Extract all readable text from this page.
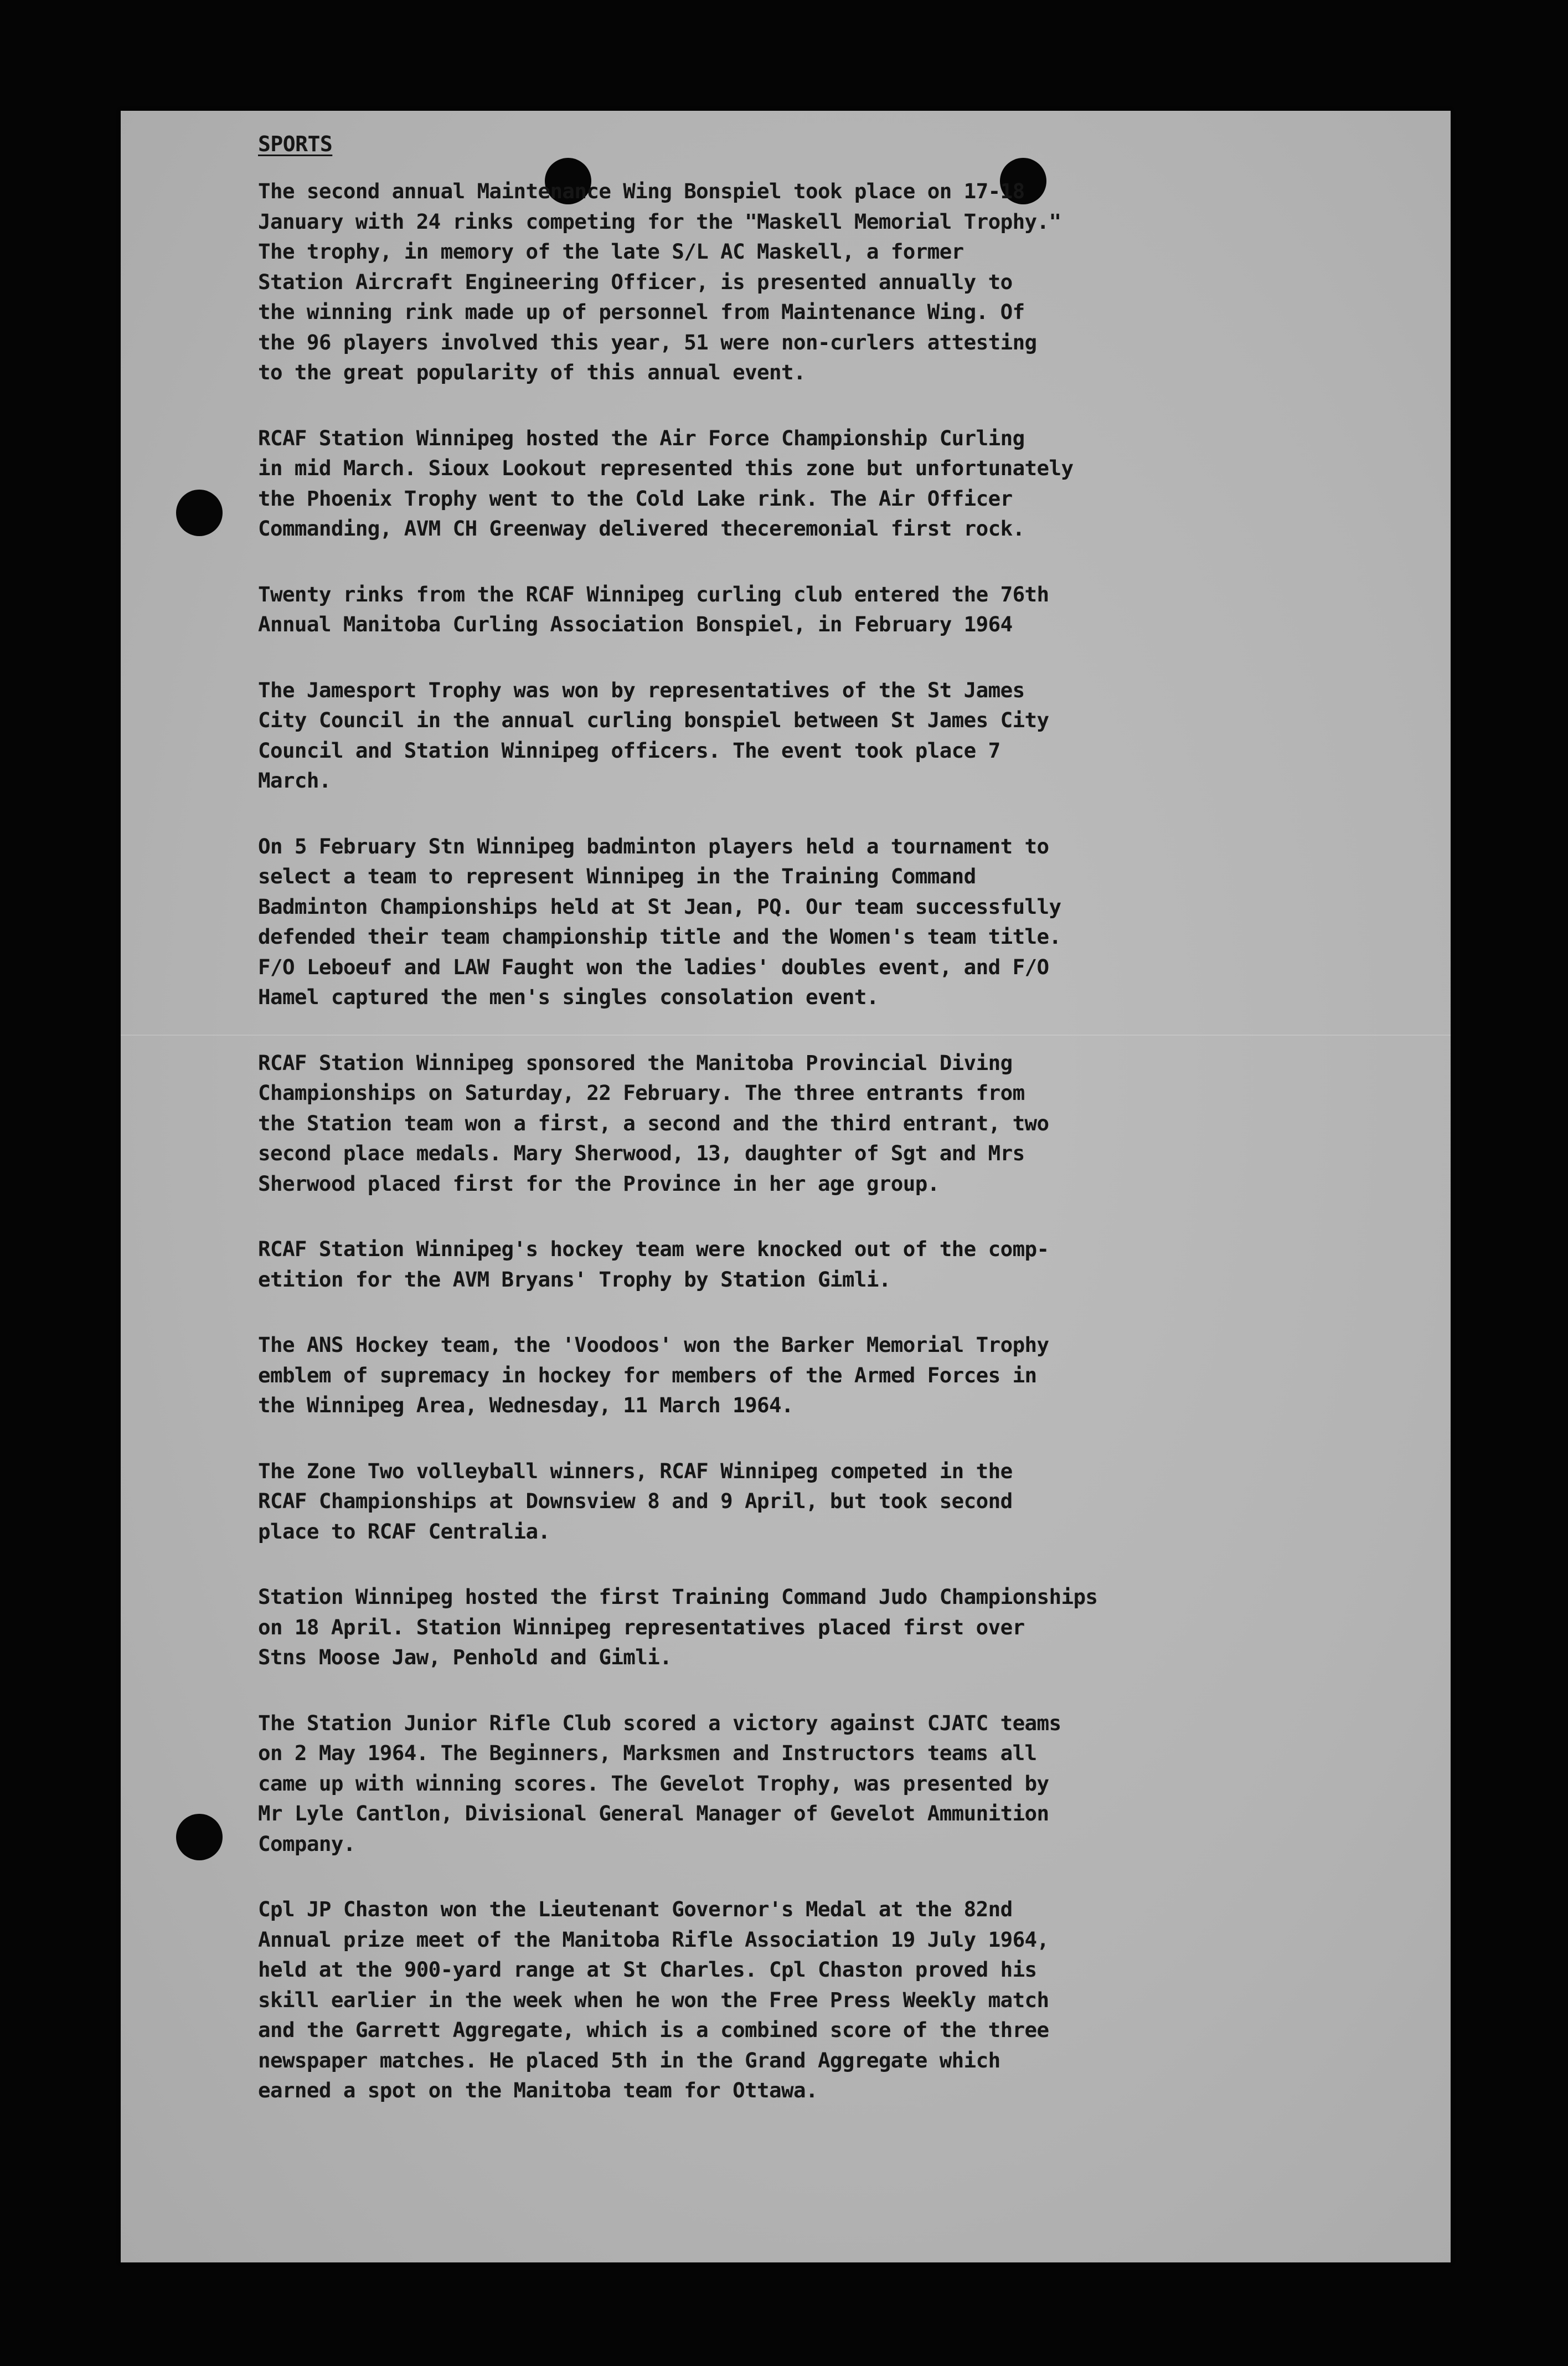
SPORTS
The second annual Maintenance Wing Bonspiel took place on 17-18
January with 24 rinks competing for the "Maskell Memorial Trophy."
The trophy, in memory of the late S/L AC Maskell, a former
Station Aircraft Engineering Officer, is presented annually to
the winning rink made up of personnel from Maintenance Wing. Of
the 96 players involved this year, 51 were non-curlers attesting
to the great popularity of this annual event.
RCAF Station Winnipeg hosted the Air Force Championship Curling
in mid March. Sioux Lookout represented this zone but unfortunately
the Phoenix Trophy went to the Cold Lake rink. The Air Officer
Commanding, AVM CH Greenway delivered theceremonial first rock.
Twenty rinks from the RCAF Winnipeg curling club entered the 76th
Annual Manitoba Curling Association Bonspiel, in February 1964
The Jamesport Trophy was won by representatives of the St James
City Council in the annual curling bonspiel between St James City
Council and Station Winnipeg officers. The event took place 7
March.
On 5 February Stn Winnipeg badminton players held a tournament to
select a team to represent Winnipeg in the Training Command
Badminton Championships held at St Jean, PQ. Our team successfully
defended their team championship title and the Women's team title.
F/O Leboeuf and LAW Faught won the ladies' doubles event, and F/O
Hamel captured the men's singles consolation event.
RCAF Station Winnipeg sponsored the Manitoba Provincial Diving
Championships on Saturday, 22 February. The three entrants from
the Station team won a first, a second and the third entrant, two
second place medals. Mary Sherwood, 13, daughter of Sgt and Mrs
Sherwood placed first for the Province in her age group.
RCAF Station Winnipeg's hockey team were knocked out of the comp-
etition for the AVM Bryans' Trophy by Station Gimli.
The ANS Hockey team, the 'Voodoos' won the Barker Memorial Trophy
emblem of supremacy in hockey for members of the Armed Forces in
the Winnipeg Area, Wednesday, 11 March 1964.
The Zone Two volleyball winners, RCAF Winnipeg competed in the
RCAF Championships at Downsview 8 and 9 April, but took second
place to RCAF Centralia.
Station Winnipeg hosted the first Training Command Judo Championships
on 18 April. Station Winnipeg representatives placed first over
Stns Moose Jaw, Penhold and Gimli.
The Station Junior Rifle Club scored a victory against CJATC teams
on 2 May 1964. The Beginners, Marksmen and Instructors teams all
came up with winning scores. The Gevelot Trophy, was presented by
Mr Lyle Cantlon, Divisional General Manager of Gevelot Ammunition
Company.
Cpl JP Chaston won the Lieutenant Governor's Medal at the 82nd
Annual prize meet of the Manitoba Rifle Association 19 July 1964,
held at the 900-yard range at St Charles. Cpl Chaston proved his
skill earlier in the week when he won the Free Press Weekly match
and the Garrett Aggregate, which is a combined score of the three
newspaper matches. He placed 5th in the Grand Aggregate which
earned a spot on the Manitoba team for Ottawa.
